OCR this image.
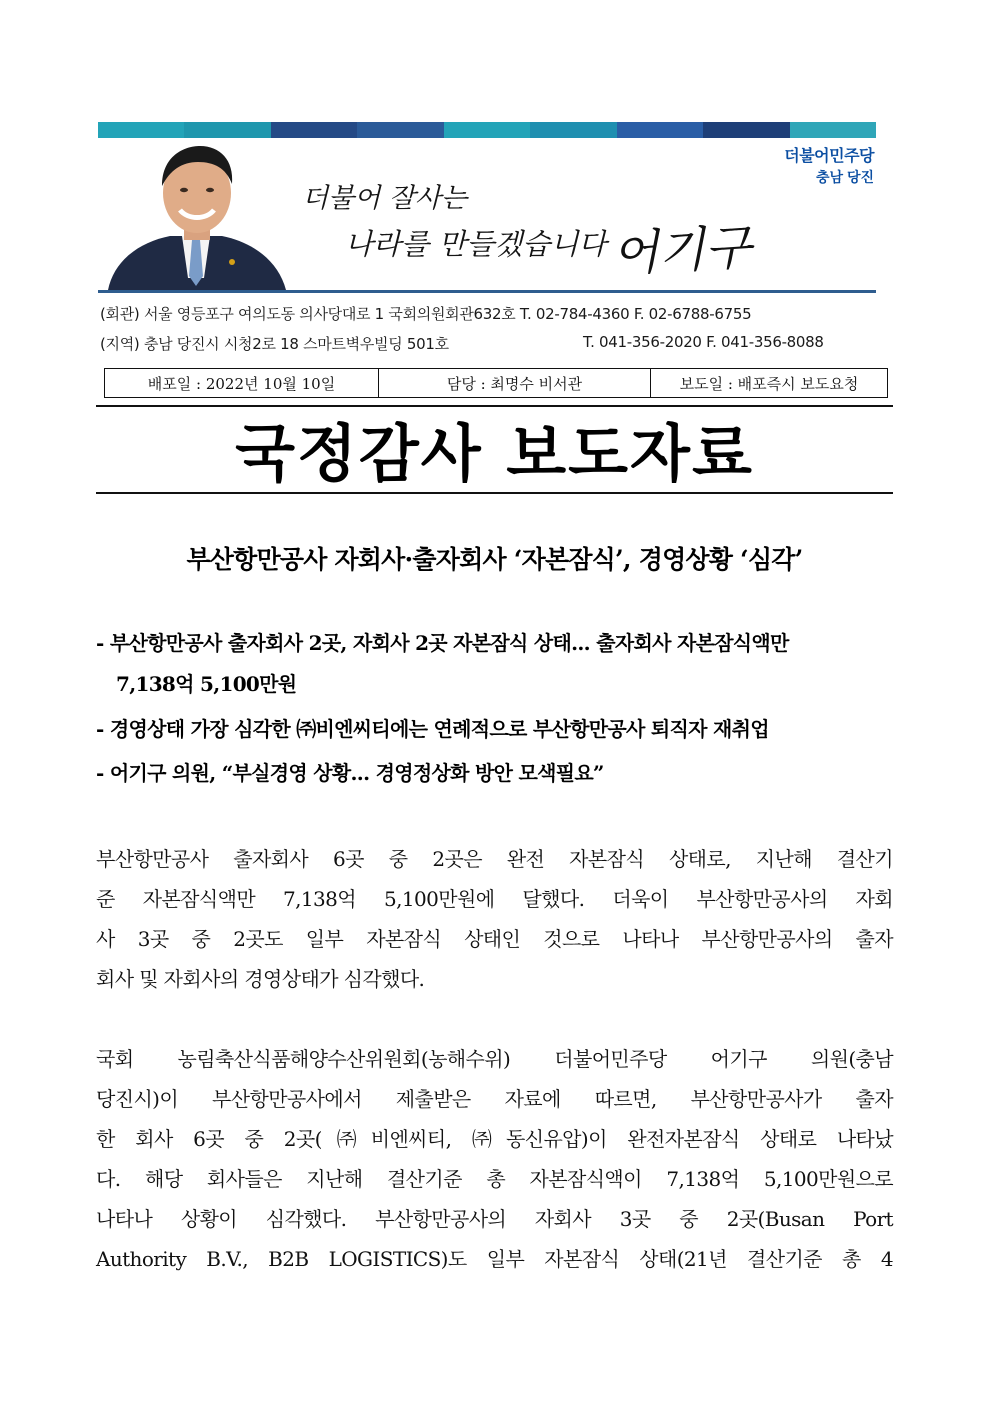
더불어 잘사는
나라를 만들겠습니다 어기구
더불어민주당
충남 당진
(회관) 서울 영등포구 여의도동 의사당대로 1 국회의원회관632호 T. 02-784-4360 F. 02-6788-6755
(지역) 충남 당진시 시청2로 18 스마트벽우빌딩 501호	T. 041-356-2020 F. 041-356-8088
배포일 : 2022년 10월 10일	담당 : 최명수 비서관	보도일 : 배포즉시 보도요청
국정감사 보도자료
부산항만공사 자회사·출자회사 ‘자본잠식’, 경영상황 ‘심각’
- 부산항만공사 출자회사 2곳, 자회사 2곳 자본잠식 상태... 출자회사 자본잠식액만
7,138억 5,100만원
- 경영상태 가장 심각한 ㈜비엔씨티에는 연례적으로 부산항만공사 퇴직자 재취업
- 어기구 의원, “부실경영 상황... 경영정상화 방안 모색필요”
부산항만공사 출자회사 6곳 중 2곳은 완전 자본잠식 상태로, 지난해 결산기
준 자본잠식액만 7,138억 5,100만원에 달했다. 더욱이 부산항만공사의 자회
사 3곳 중 2곳도 일부 자본잠식 상태인 것으로 나타나 부산항만공사의 출자
회사 및 자회사의 경영상태가 심각했다.
국회 농림축산식품해양수산위원회(농해수위) 더불어민주당 어기구 의원(충남
당진시)이 부산항만공사에서 제출받은 자료에 따르면, 부산항만공사가 출자
한 회사 6곳 중 2곳(㈜비엔씨티, ㈜동신유압)이 완전자본잠식 상태로 나타났
다. 해당 회사들은 지난해 결산기준 총 자본잠식액이 7,138억 5,100만원으로
나타나 상황이 심각했다. 부산항만공사의 자회사 3곳 중 2곳(Busan Port
Authority B.V., B2B LOGISTICS)도 일부 자본잠식 상태(21년 결산기준 총 4
